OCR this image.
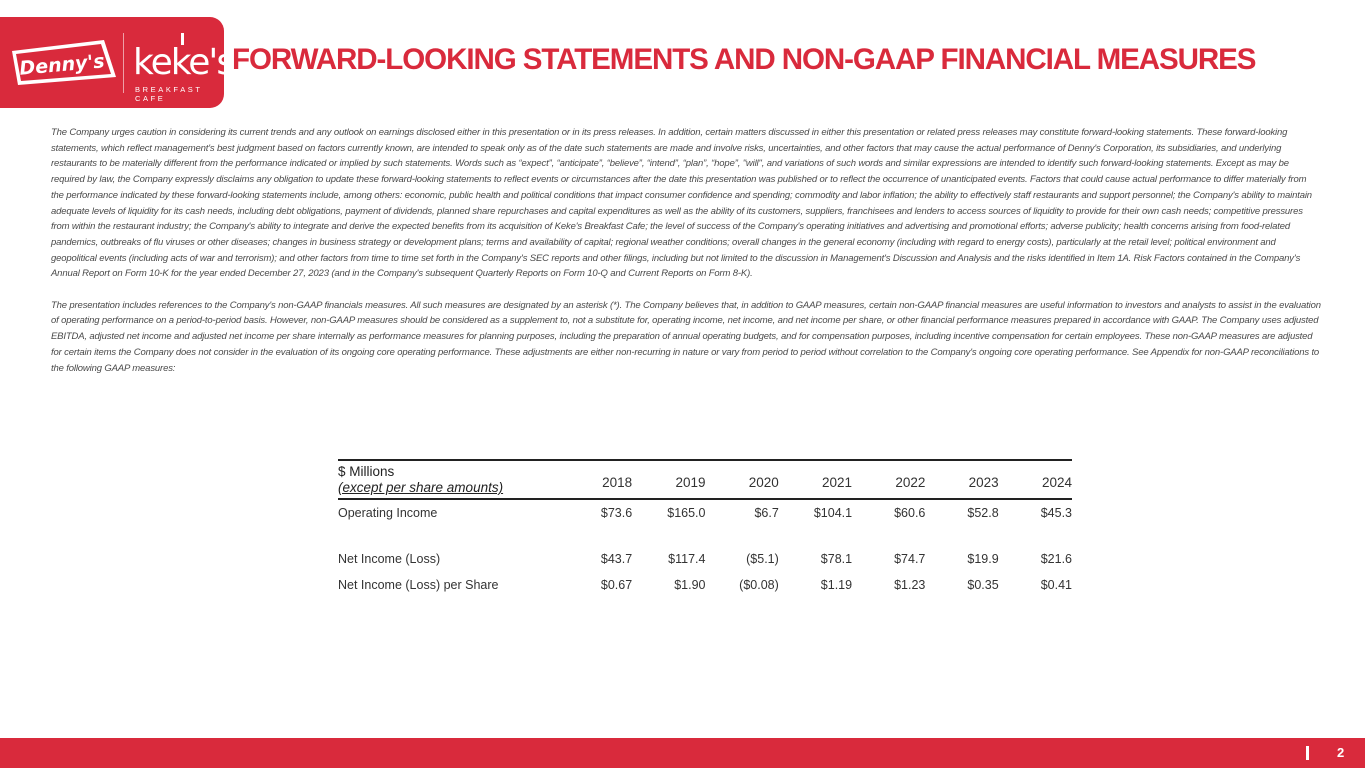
Denny's keke's
BREAKFAST CAFE
FORWARD-LOOKING STATEMENTS AND NON-GAAP FINANCIAL MEASURES

The Company urges caution in considering its current trends and any outlook on earnings disclosed either in this presentation or in its press releases. In addition, certain matters discussed in either this presentation or related press releases may constitute forward-looking statements. These forward-looking statements, which reflect management's best judgment based on factors currently known, are intended to speak only as of the date such statements are made and involve risks, uncertainties, and other factors that may cause the actual performance of Denny's Corporation, its subsidiaries, and underlying restaurants to be materially different from the performance indicated or implied by such statements. Words such as “expect”, “anticipate”, “believe”, “intend”, “plan”, “hope”, "will", and variations of such words and similar expressions are intended to identify such forward-looking statements. Except as may be required by law, the Company expressly disclaims any obligation to update these forward-looking statements to reflect events or circumstances after the date this presentation was published or to reflect the occurrence of unanticipated events. Factors that could cause actual performance to differ materially from the performance indicated by these forward-looking statements include, among others: economic, public health and political conditions that impact consumer confidence and spending; commodity and labor inflation; the ability to effectively staff restaurants and support personnel; the Company's ability to maintain adequate levels of liquidity for its cash needs, including debt obligations, payment of dividends, planned share repurchases and capital expenditures as well as the ability of its customers, suppliers, franchisees and lenders to access sources of liquidity to provide for their own cash needs; competitive pressures from within the restaurant industry; the Company's ability to integrate and derive the expected benefits from its acquisition of Keke's Breakfast Cafe; the level of success of the Company's operating initiatives and advertising and promotional efforts; adverse publicity; health concerns arising from food-related pandemics, outbreaks of flu viruses or other diseases; changes in business strategy or development plans; terms and availability of capital; regional weather conditions; overall changes in the general economy (including with regard to energy costs), particularly at the retail level; political environment and geopolitical events (including acts of war and terrorism); and other factors from time to time set forth in the Company's SEC reports and other filings, including but not limited to the discussion in Management's Discussion and Analysis and the risks identified in Item 1A. Risk Factors contained in the Company's Annual Report on Form 10-K for the year ended December 27, 2023 (and in the Company's subsequent Quarterly Reports on Form 10-Q and Current Reports on Form 8-K).

The presentation includes references to the Company's non-GAAP financials measures. All such measures are designated by an asterisk (*). The Company believes that, in addition to GAAP measures, certain non-GAAP financial measures are useful information to investors and analysts to assist in the evaluation of operating performance on a period-to-period basis. However, non-GAAP measures should be considered as a supplement to, not a substitute for, operating income, net income, and net income per share, or other financial performance measures prepared in accordance with GAAP. The Company uses adjusted EBITDA, adjusted net income and adjusted net income per share internally as performance measures for planning purposes, including the preparation of annual operating budgets, and for compensation purposes, including incentive compensation for certain employees. These non-GAAP measures are adjusted for certain items the Company does not consider in the evaluation of its ongoing core operating performance. These adjustments are either non-recurring in nature or vary from period to period without correlation to the Company's ongoing core operating performance. See Appendix for non-GAAP reconciliations to the following GAAP measures:

$ Millions
(except per share amounts)	2018	2019	2020	2021	2022	2023	2024
Operating Income	$73.6	$165.0	$6.7	$104.1	$60.6	$52.8	$45.3

Net Income (Loss)	$43.7	$117.4	($5.1)	$78.1	$74.7	$19.9	$21.6
Net Income (Loss) per Share	$0.67	$1.90	($0.08)	$1.19	$1.23	$0.35	$0.41
2
